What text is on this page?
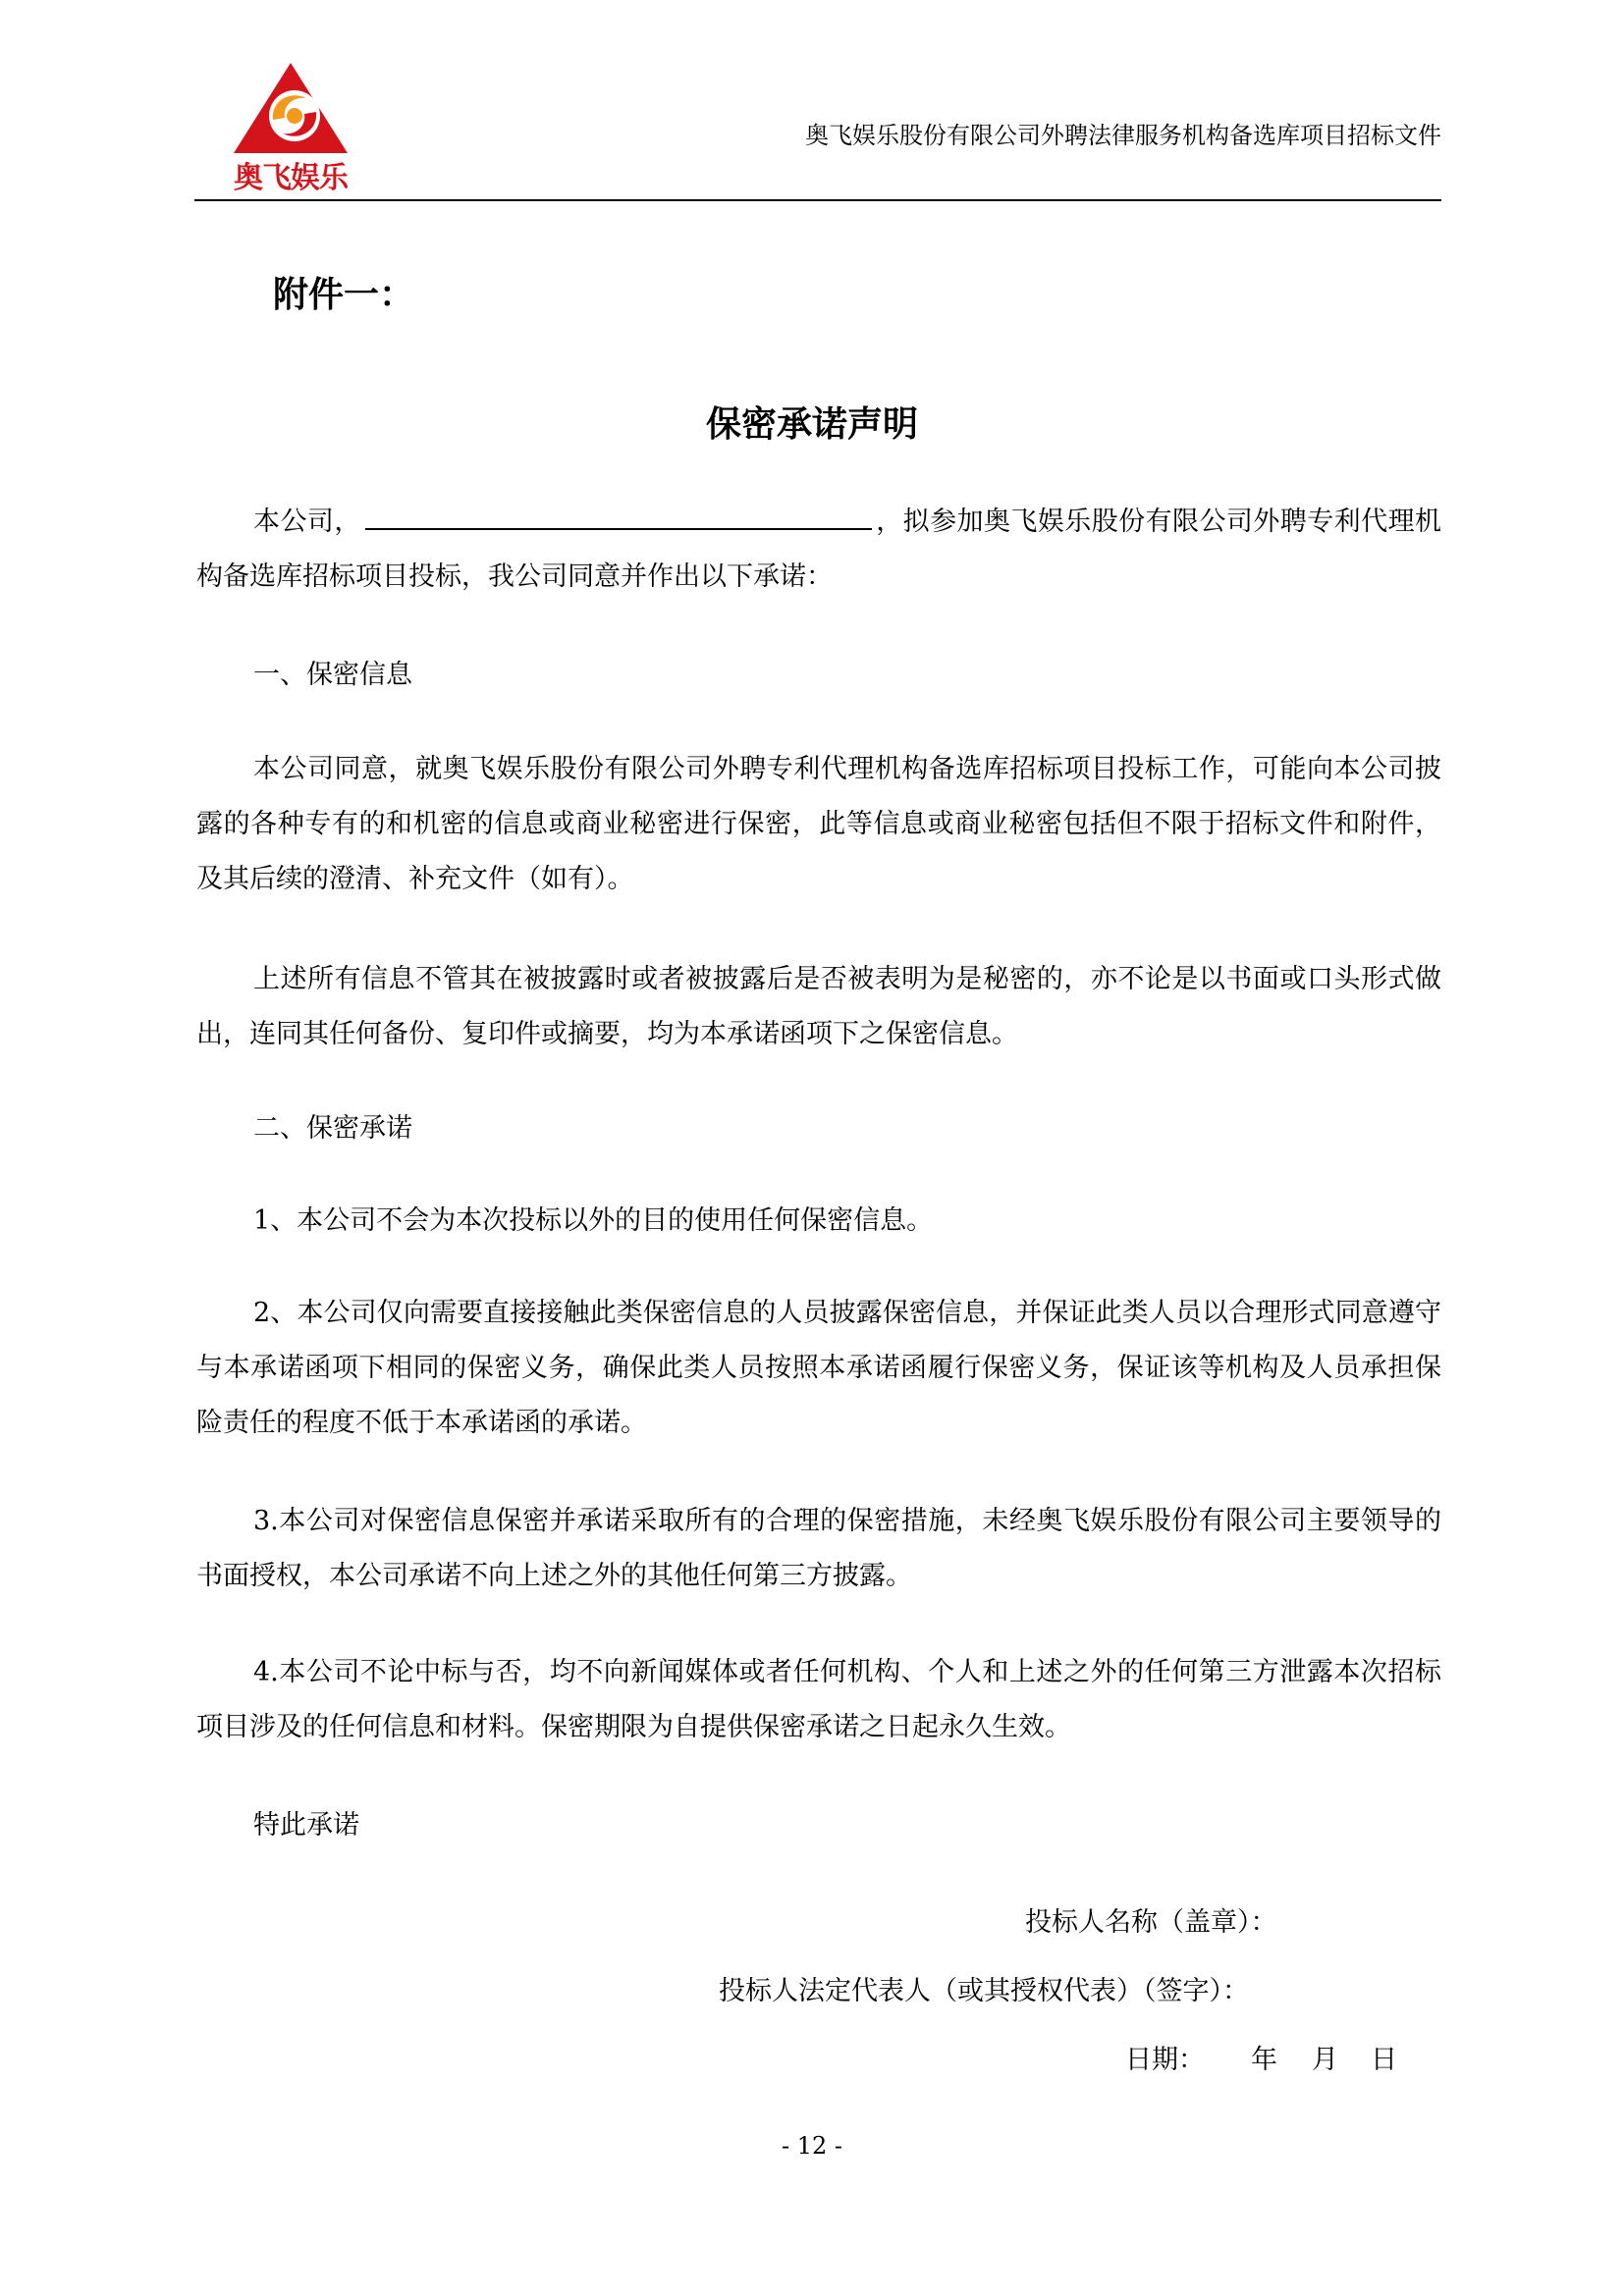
奥飞娱乐
奥飞娱乐股份有限公司外聘法律服务机构备选库项目招标文件
附件一：
保密承诺声明
本公司，	，拟参加奥飞娱乐股份有限公司外聘专利代理机构备选库招标项目投标，我公司同意并作出以下承诺：
一、保密信息
本公司同意，就奥飞娱乐股份有限公司外聘专利代理机构备选库招标项目投标工作，可能向本公司披露的各种专有的和机密的信息或商业秘密进行保密，此等信息或商业秘密包括但不限于招标文件和附件，及其后续的澄清、补充文件（如有）。
上述所有信息不管其在被披露时或者被披露后是否被表明为是秘密的，亦不论是以书面或口头形式做出，连同其任何备份、复印件或摘要，均为本承诺函项下之保密信息。
二、保密承诺
1、本公司不会为本次投标以外的目的使用任何保密信息。
2、本公司仅向需要直接接触此类保密信息的人员披露保密信息，并保证此类人员以合理形式同意遵守与本承诺函项下相同的保密义务，确保此类人员按照本承诺函履行保密义务，保证该等机构及人员承担保险责任的程度不低于本承诺函的承诺。
3.本公司对保密信息保密并承诺采取所有的合理的保密措施，未经奥飞娱乐股份有限公司主要领导的书面授权，本公司承诺不向上述之外的其他任何第三方披露。
4.本公司不论中标与否，均不向新闻媒体或者任何机构、个人和上述之外的任何第三方泄露本次招标项目涉及的任何信息和材料。保密期限为自提供保密承诺之日起永久生效。
特此承诺
投标人名称（盖章）：
投标人法定代表人（或其授权代表）（签字）：
日期： 年 月 日
- 12 -
